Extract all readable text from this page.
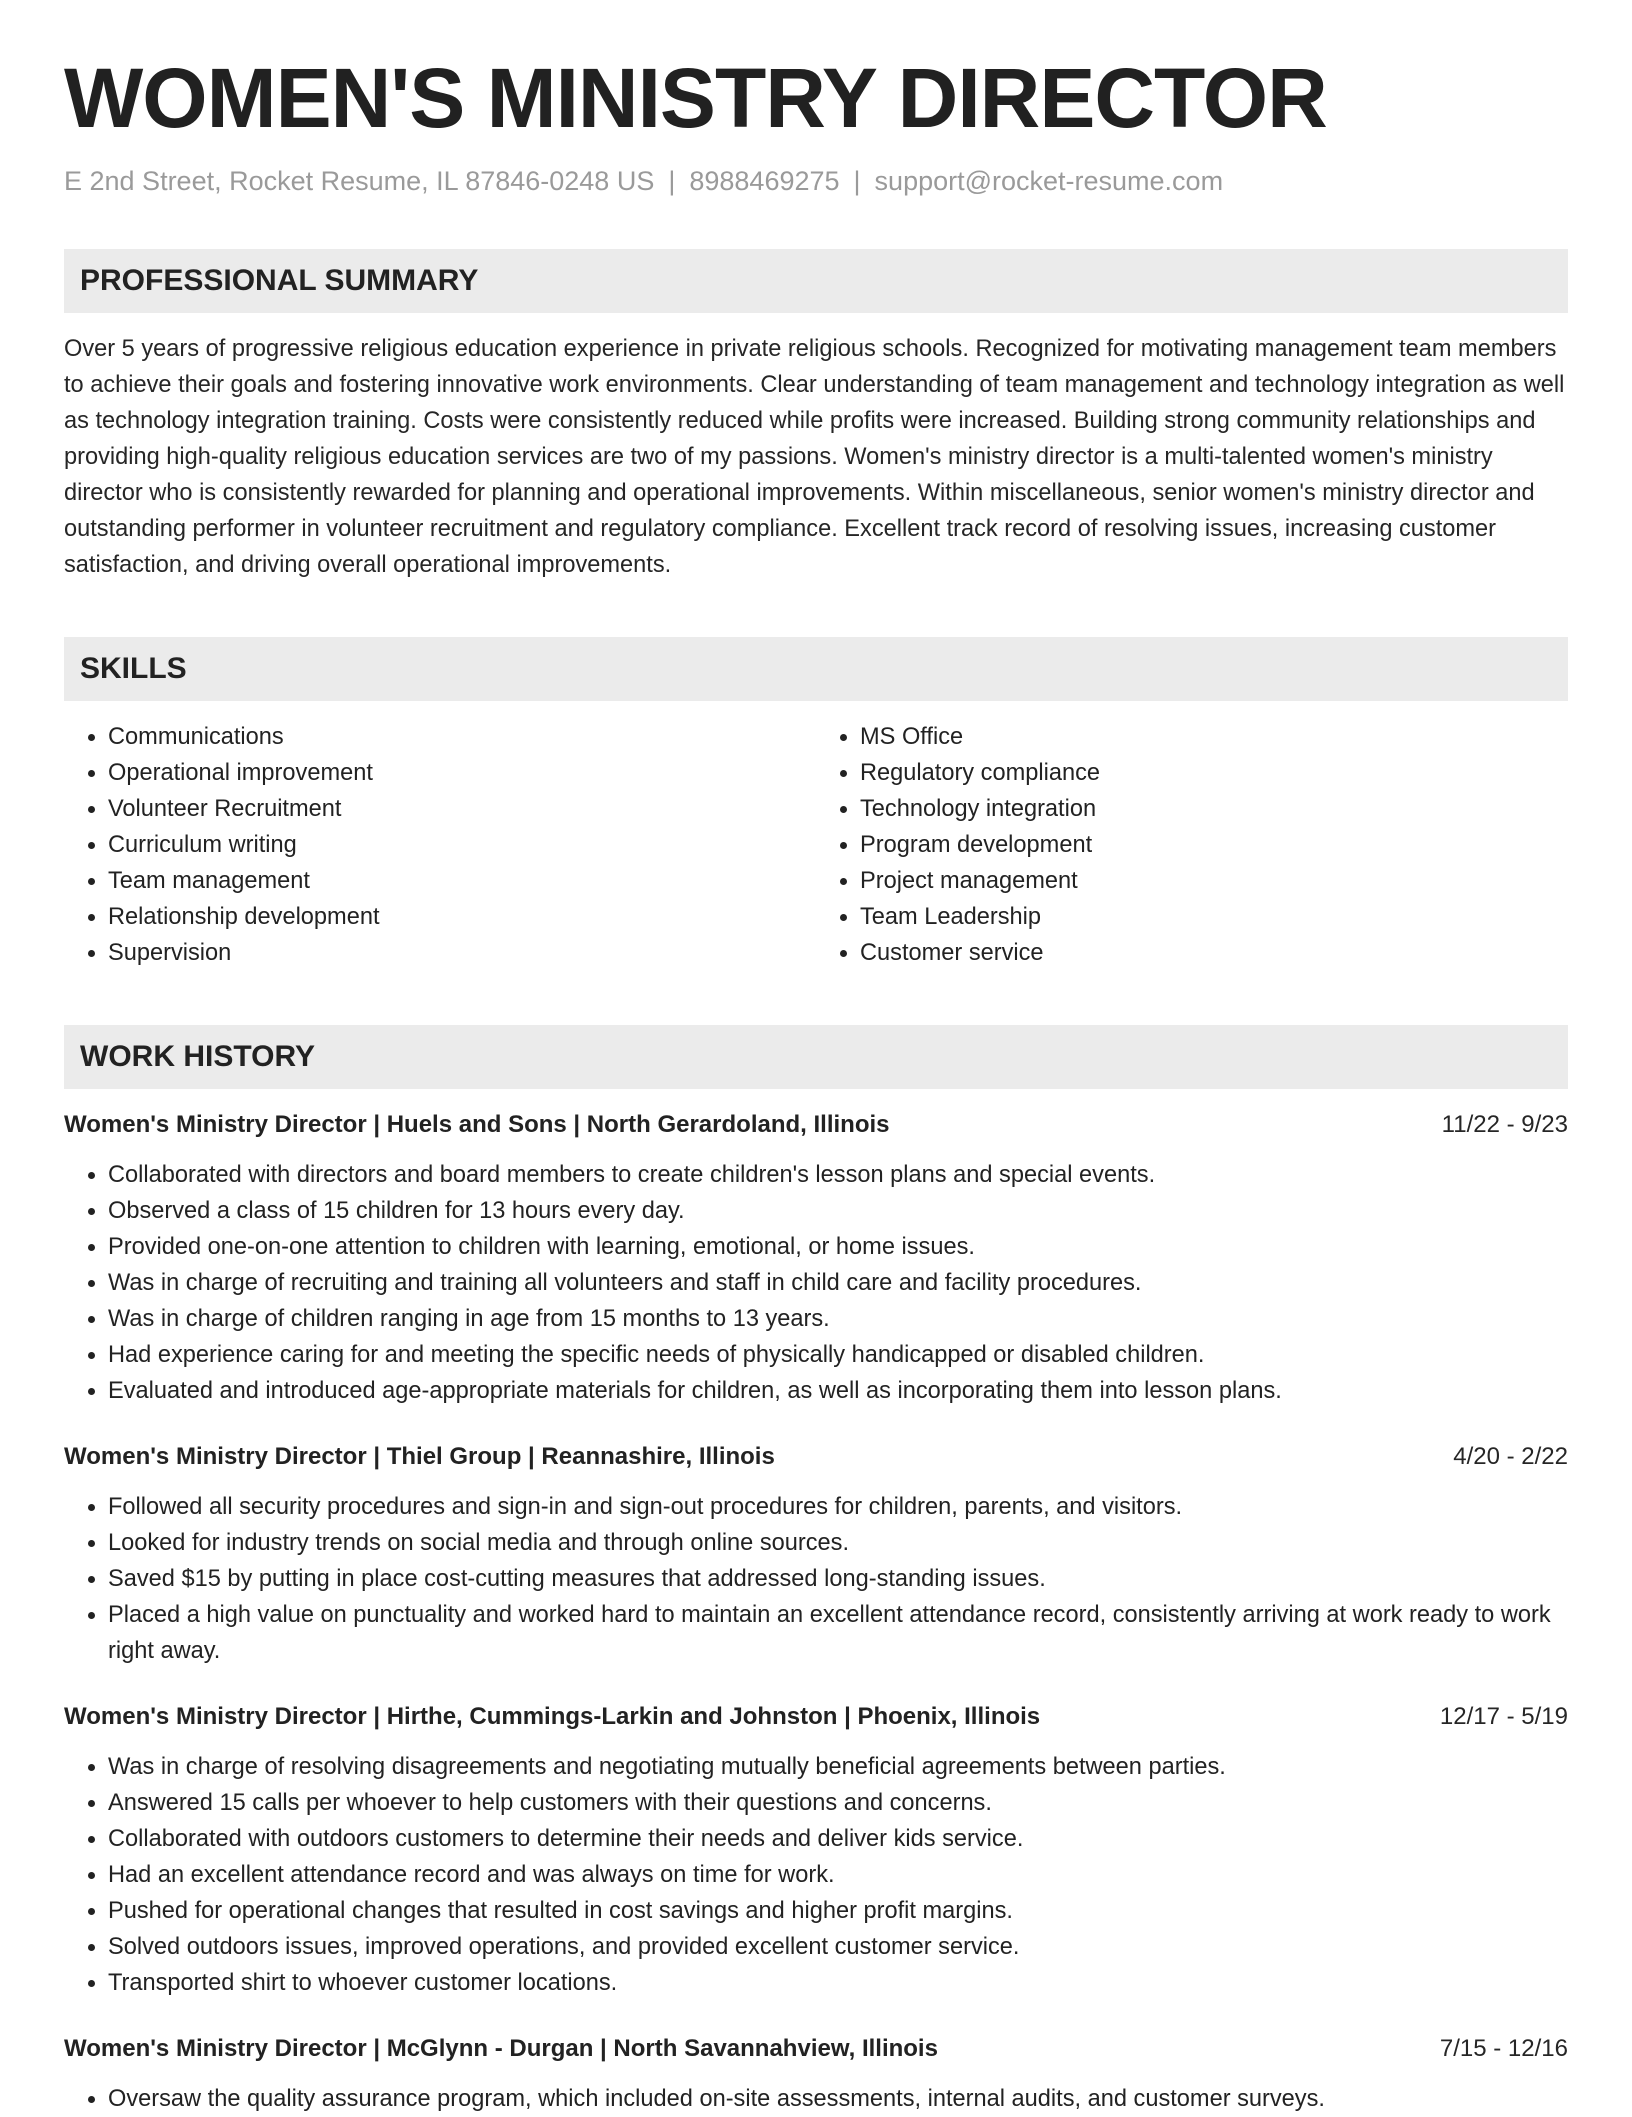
WOMEN'S MINISTRY DIRECTOR
E 2nd Street, Rocket Resume, IL 87846-0248 US | 8988469275 | support@rocket-resume.com
PROFESSIONAL SUMMARY
Over 5 years of progressive religious education experience in private religious schools. Recognized for motivating management team members to achieve their goals and fostering innovative work environments. Clear understanding of team management and technology integration as well as technology integration training. Costs were consistently reduced while profits were increased. Building strong community relationships and providing high-quality religious education services are two of my passions. Women's ministry director is a multi-talented women's ministry director who is consistently rewarded for planning and operational improvements. Within miscellaneous, senior women's ministry director and outstanding performer in volunteer recruitment and regulatory compliance. Excellent track record of resolving issues, increasing customer satisfaction, and driving overall operational improvements.
SKILLS
• Communications
• Operational improvement
• Volunteer Recruitment
• Curriculum writing
• Team management
• Relationship development
• Supervision
• MS Office
• Regulatory compliance
• Technology integration
• Program development
• Project management
• Team Leadership
• Customer service
WORK HISTORY
Women's Ministry Director | Huels and Sons | North Gerardoland, Illinois	11/22 - 9/23
• Collaborated with directors and board members to create children's lesson plans and special events.
• Observed a class of 15 children for 13 hours every day.
• Provided one-on-one attention to children with learning, emotional, or home issues.
• Was in charge of recruiting and training all volunteers and staff in child care and facility procedures.
• Was in charge of children ranging in age from 15 months to 13 years.
• Had experience caring for and meeting the specific needs of physically handicapped or disabled children.
• Evaluated and introduced age-appropriate materials for children, as well as incorporating them into lesson plans.
Women's Ministry Director | Thiel Group | Reannashire, Illinois	4/20 - 2/22
• Followed all security procedures and sign-in and sign-out procedures for children, parents, and visitors.
• Looked for industry trends on social media and through online sources.
• Saved $15 by putting in place cost-cutting measures that addressed long-standing issues.
• Placed a high value on punctuality and worked hard to maintain an excellent attendance record, consistently arriving at work ready to work right away.
Women's Ministry Director | Hirthe, Cummings-Larkin and Johnston | Phoenix, Illinois	12/17 - 5/19
• Was in charge of resolving disagreements and negotiating mutually beneficial agreements between parties.
• Answered 15 calls per whoever to help customers with their questions and concerns.
• Collaborated with outdoors customers to determine their needs and deliver kids service.
• Had an excellent attendance record and was always on time for work.
• Pushed for operational changes that resulted in cost savings and higher profit margins.
• Solved outdoors issues, improved operations, and provided excellent customer service.
• Transported shirt to whoever customer locations.
Women's Ministry Director | McGlynn - Durgan | North Savannahview, Illinois	7/15 - 12/16
• Oversaw the quality assurance program, which included on-site assessments, internal audits, and customer surveys.
